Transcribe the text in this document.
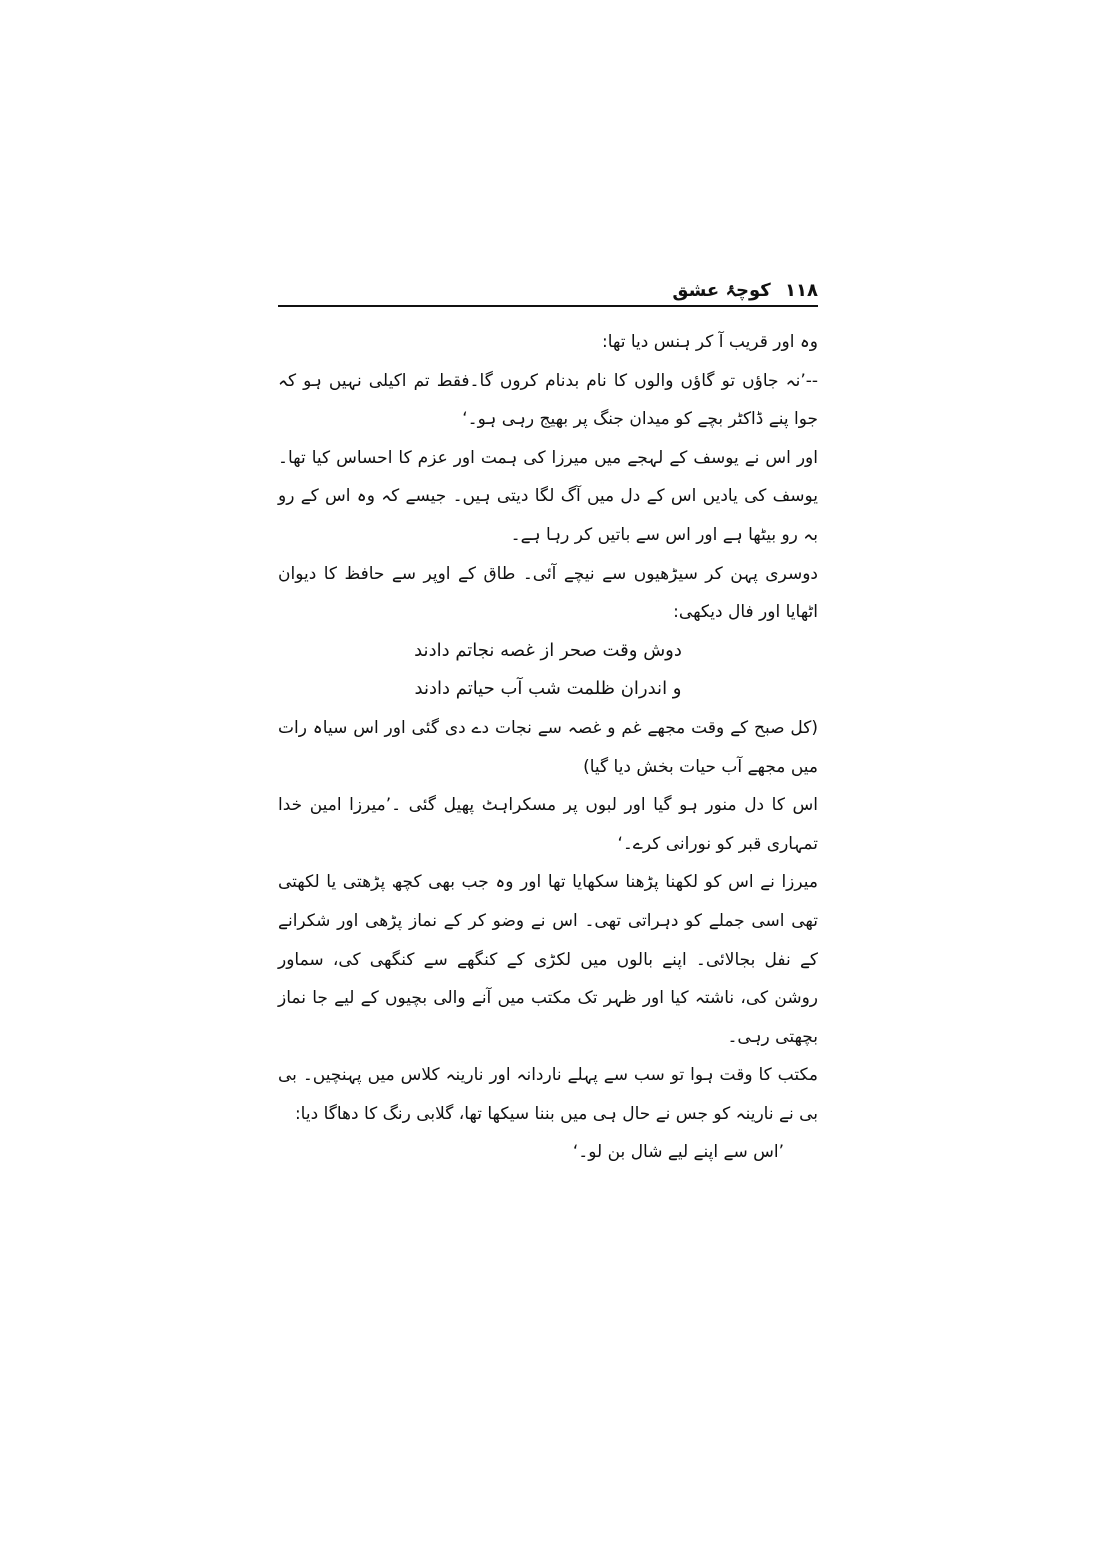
۱۱۸ کوچۂ عشق

وہ اور قریب آ کر ہنس دیا تھا:

--’نہ جاؤں تو گاؤں والوں کا نام بدنام کروں گا۔فقط تم اکیلی نہیں ہو کہ جوا پنے ڈاکٹر بچے کو میدان جنگ پر بھیج رہی ہو۔‘

اور اس نے یوسف کے لہجے میں میرزا کی ہمت اور عزم کا احساس کیا تھا۔ یوسف کی یادیں اس کے دل میں آگ لگا دیتی ہیں۔ جیسے کہ وہ اس کے رو بہ رو بیٹھا ہے اور اس سے باتیں کر رہا ہے۔

دوسری پہن کر سیڑھیوں سے نیچے آئی۔ طاق کے اوپر سے حافظ کا دیوان اٹھایا اور فال دیکھی:

دوش وقت صحر از غصه نجاتم دادند

و اندران ظلمت شب آب حیاتم دادند

(کل صبح کے وقت مجھے غم و غصہ سے نجات دے دی گئی اور اس سیاہ رات میں مجھے آب حیات بخش دیا گیا)

اس کا دل منور ہو گیا اور لبوں پر مسکراہٹ پھیل گئی ۔’میرزا امین خدا تمہاری قبر کو نورانی کرے۔‘

میرزا نے اس کو لکھنا پڑھنا سکھایا تھا اور وہ جب بھی کچھ پڑھتی یا لکھتی تھی اسی جملے کو دہراتی تھی۔ اس نے وضو کر کے نماز پڑھی اور شکرانے کے نفل بجالائی۔ اپنے بالوں میں لکڑی کے کنگھے سے کنگھی کی، سماور روشن کی، ناشتہ کیا اور ظہر تک مکتب میں آنے والی بچیوں کے لیے جا نماز بچھتی رہی۔

مکتب کا وقت ہوا تو سب سے پہلے ناردانہ اور نارینہ کلاس میں پہنچیں۔ بی بی نے نارینہ کو جس نے حال ہی میں بننا سیکھا تھا، گلابی رنگ کا دھاگا دیا:

’اس سے اپنے لیے شال بن لو۔‘
